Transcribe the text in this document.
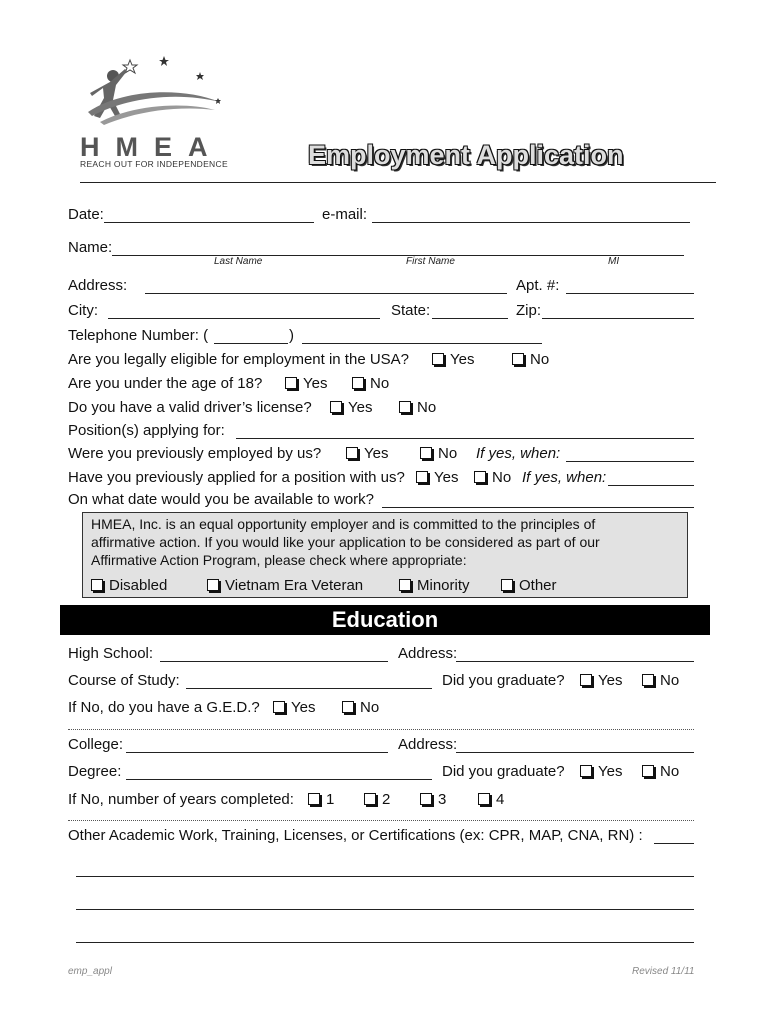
HMEA
REACH OUT FOR INDEPENDENCE	Employment Application
Date:	e-mail:
Name:
Last Name	First Name	MI
Address:	Apt. #:
City:	State:	Zip:
Telephone Number: (	)
Are you legally eligible for employment in the USA?	Yes	No
Are you under the age of 18?	Yes	No
Do you have a valid driver’s license?	Yes	No
Position(s) applying for:
Were you previously employed by us?	Yes	No If yes, when:
Have you previously applied for a position with us?	Yes	No If yes, when:
On what date would you be available to work?
HMEA, Inc. is an equal opportunity employer and is committed to the principles of
affirmative action. If you would like your application to be considered as part of our
Affirmative Action Program, please check where appropriate:
Disabled	Vietnam Era Veteran	Minority	Other
Education
High School:	Address:
Course of Study:	Did you graduate?	Yes	No
If No, do you have a G.E.D.?	Yes	No
College:	Address:
Degree:	Did you graduate?	Yes	No
If No, number of years completed:	1	2	3	4
Other Academic Work, Training, Licenses, or Certifications (ex: CPR, MAP, CNA, RN) :
emp_appl	Revised 11/11
